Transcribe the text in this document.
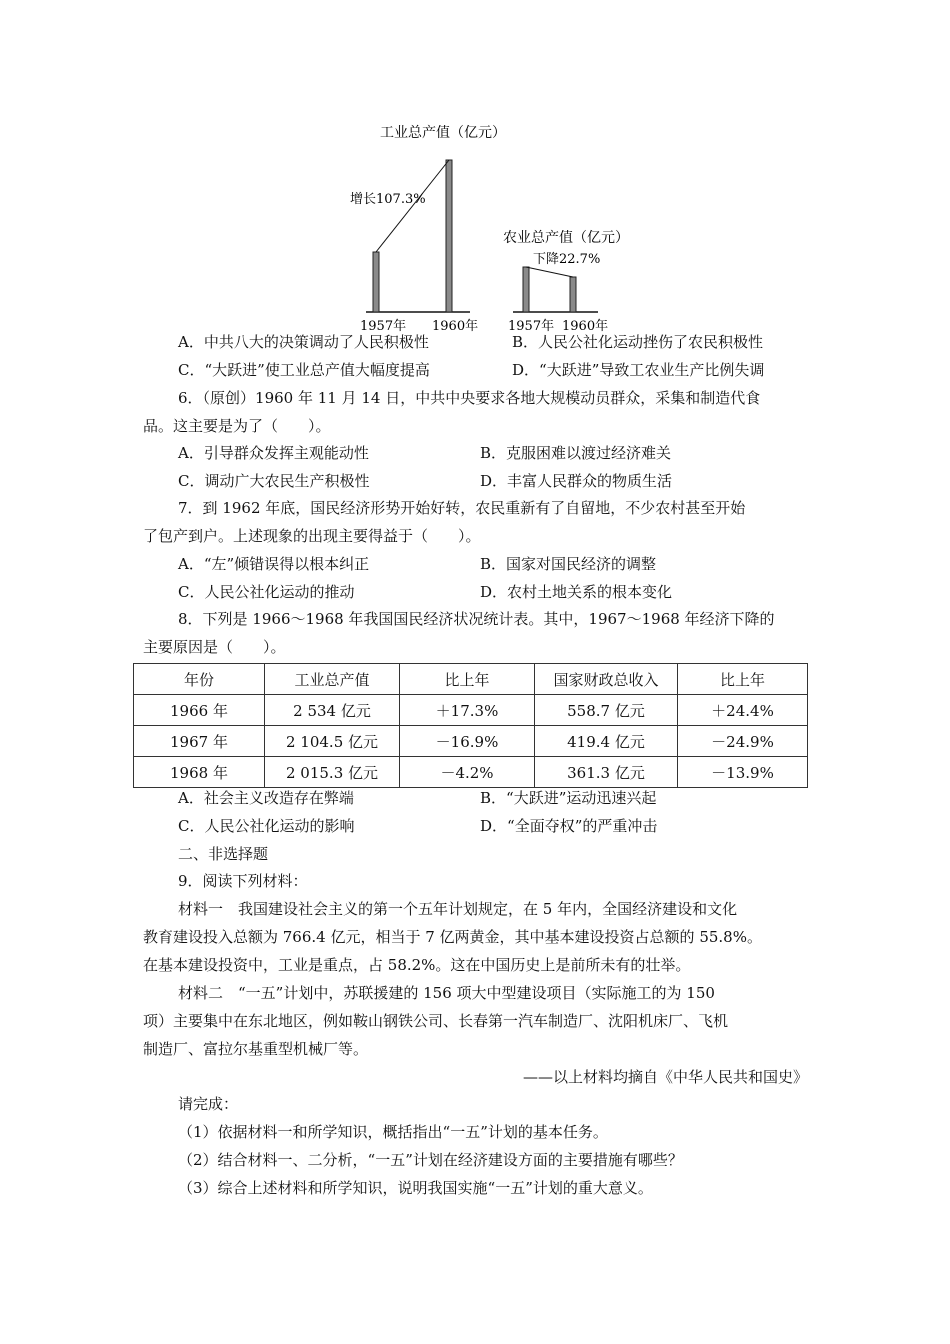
工业总产值（亿元）
增长107.3%
1957年 1960年
农业总产值（亿元）
下降22.7%
1957年 1960年
A．中共八大的决策调动了人民积极性	B．人民公社化运动挫伤了农民积极性
C．“大跃进”使工业总产值大幅度提高	D．“大跃进”导致工农业生产比例失调
6．（原创）1960 年 11 月 14 日，中共中央要求各地大规模动员群众，采集和制造代食
品。这主要是为了（　　）。
A．引导群众发挥主观能动性	B．克服困难以渡过经济难关
C．调动广大农民生产积极性	D．丰富人民群众的物质生活
7．到 1962 年底，国民经济形势开始好转，农民重新有了自留地，不少农村甚至开始
了包产到户。上述现象的出现主要得益于（　　）。
A．“左”倾错误得以根本纠正	B．国家对国民经济的调整
C．人民公社化运动的推动	D．农村土地关系的根本变化
8．下列是 1966～1968 年我国国民经济状况统计表。其中，1967～1968 年经济下降的
主要原因是（　　）。
年份	工业总产值	比上年	国家财政总收入	比上年
1966 年	2 534 亿元	＋17.3%	558.7 亿元	＋24.4%
1967 年	2 104.5 亿元	－16.9%	419.4 亿元	－24.9%
1968 年	2 015.3 亿元	－4.2%	361.3 亿元	－13.9%
A．社会主义改造存在弊端	B．“大跃进”运动迅速兴起
C．人民公社化运动的影响	D．“全面夺权”的严重冲击
二、非选择题
9．阅读下列材料：
材料一　我国建设社会主义的第一个五年计划规定，在 5 年内，全国经济建设和文化
教育建设投入总额为 766.4 亿元，相当于 7 亿两黄金，其中基本建设投资占总额的 55.8%。
在基本建设投资中，工业是重点，占 58.2%。这在中国历史上是前所未有的壮举。
材料二　“一五”计划中，苏联援建的 156 项大中型建设项目（实际施工的为 150
项）主要集中在东北地区，例如鞍山钢铁公司、长春第一汽车制造厂、沈阳机床厂、飞机
制造厂、富拉尔基重型机械厂等。
——以上材料均摘自《中华人民共和国史》
请完成：
（1）依据材料一和所学知识，概括指出“一五”计划的基本任务。
（2）结合材料一、二分析，“一五”计划在经济建设方面的主要措施有哪些？
（3）综合上述材料和所学知识，说明我国实施“一五”计划的重大意义。
